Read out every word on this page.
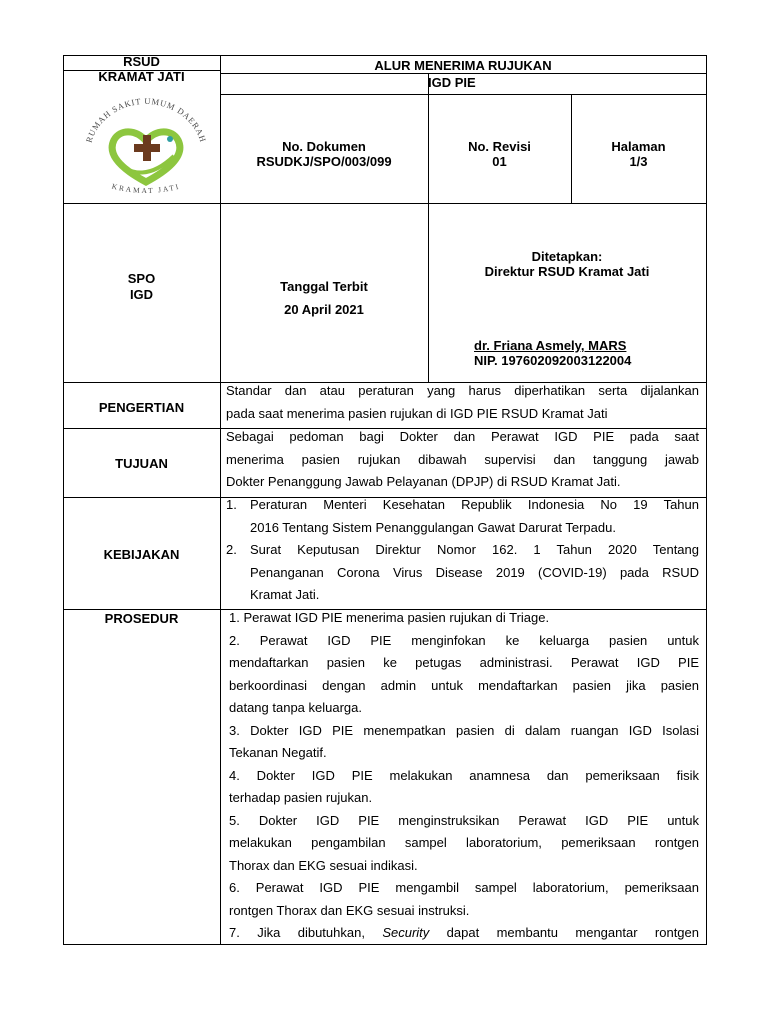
RSUD
KRAMAT JATI
ALUR MENERIMA RUJUKAN
IGD PIE
RUMAH SAKIT UMUM DAERAH
KRAMAT JATI
No. Dokumen
RSUDKJ/SPO/003/099
No. Revisi
01
Halaman
1/3
SPO
IGD
Tanggal Terbit
20 April 2021
Ditetapkan:
Direktur RSUD Kramat Jati
dr. Friana Asmely, MARS
NIP. 197602092003122004
PENGERTIAN
Standar dan atau peraturan yang harus diperhatikan serta dijalankan
pada saat menerima pasien rujukan di IGD PIE RSUD Kramat Jati
TUJUAN
Sebagai pedoman bagi Dokter dan Perawat IGD PIE pada saat
menerima pasien rujukan dibawah supervisi dan tanggung jawab
Dokter Penanggung Jawab Pelayanan (DPJP) di RSUD Kramat Jati.
KEBIJAKAN
1. Peraturan Menteri Kesehatan Republik Indonesia No 19 Tahun
2016 Tentang Sistem Penanggulangan Gawat Darurat Terpadu.
2. Surat Keputusan Direktur Nomor 162. 1 Tahun 2020 Tentang
Penanganan Corona Virus Disease 2019 (COVID-19) pada RSUD
Kramat Jati.
PROSEDUR	1. Perawat IGD PIE menerima pasien rujukan di Triage.
2. Perawat IGD PIE menginfokan ke keluarga pasien untuk
mendaftarkan pasien ke petugas administrasi. Perawat IGD PIE
berkoordinasi dengan admin untuk mendaftarkan pasien jika pasien
datang tanpa keluarga.
3. Dokter IGD PIE menempatkan pasien di dalam ruangan IGD Isolasi
Tekanan Negatif.
4. Dokter IGD PIE melakukan anamnesa dan pemeriksaan fisik
terhadap pasien rujukan.
5. Dokter IGD PIE menginstruksikan Perawat IGD PIE untuk
melakukan pengambilan sampel laboratorium, pemeriksaan rontgen
Thorax dan EKG sesuai indikasi.
6. Perawat IGD PIE mengambil sampel laboratorium, pemeriksaan
rontgen Thorax dan EKG sesuai instruksi.
7. Jika dibutuhkan, Security dapat membantu mengantar rontgen
